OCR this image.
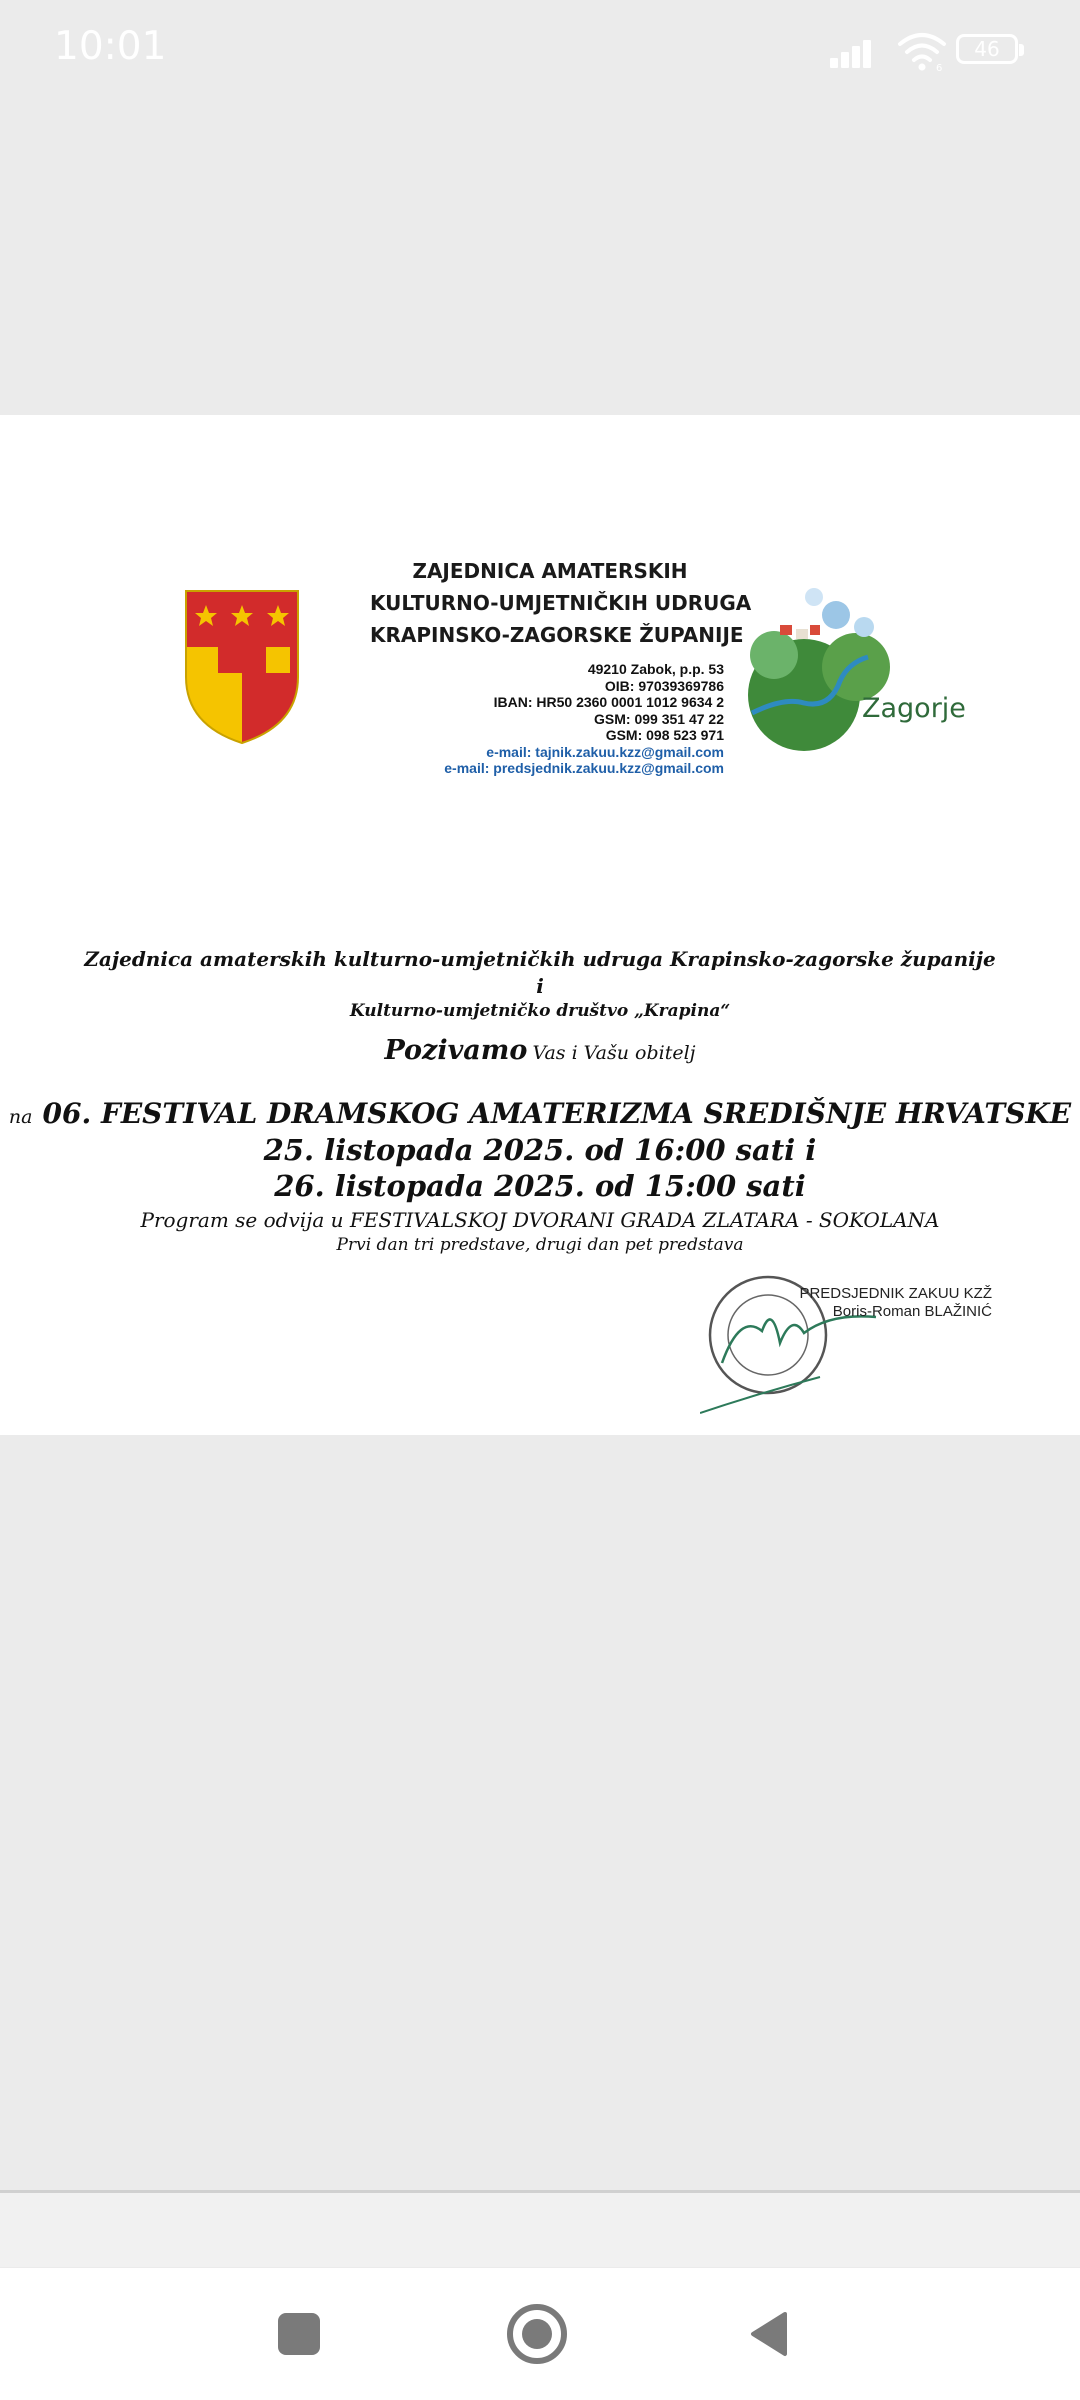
10:01	6
46
ZAJEDNICA AMATERSKIH
KULTURNO-UMJETNIČKIH UDRUGA
KRAPINSKO-ZAGORSKE ŽUPANIJE
49210 Zabok, p.p. 53
OIB: 97039369786
IBAN: HR50 2360 0001 1012 9634 2
GSM: 099 351 47 22
GSM: 098 523 971
e-mail: tajnik.zakuu.kzz@gmail.com
e-mail: predsjednik.zakuu.kzz@gmail.com
Zagorje
Zajednica amaterskih kulturno-umjetničkih udruga Krapinsko-zagorske županije
i
Kulturno-umjetničko društvo „Krapina“
Pozivamo Vas i Vašu obitelj
na 06. FESTIVAL DRAMSKOG AMATERIZMA SREDIŠNJE HRVATSKE
25. listopada 2025. od 16:00 sati i
26. listopada 2025. od 15:00 sati
Program se odvija u FESTIVALSKOJ DVORANI GRADA ZLATARA - SOKOLANA
Prvi dan tri predstave, drugi dan pet predstava
PREDSJEDNIK ZAKUU KZŽ
Boris-Roman BLAŽINIĆ
